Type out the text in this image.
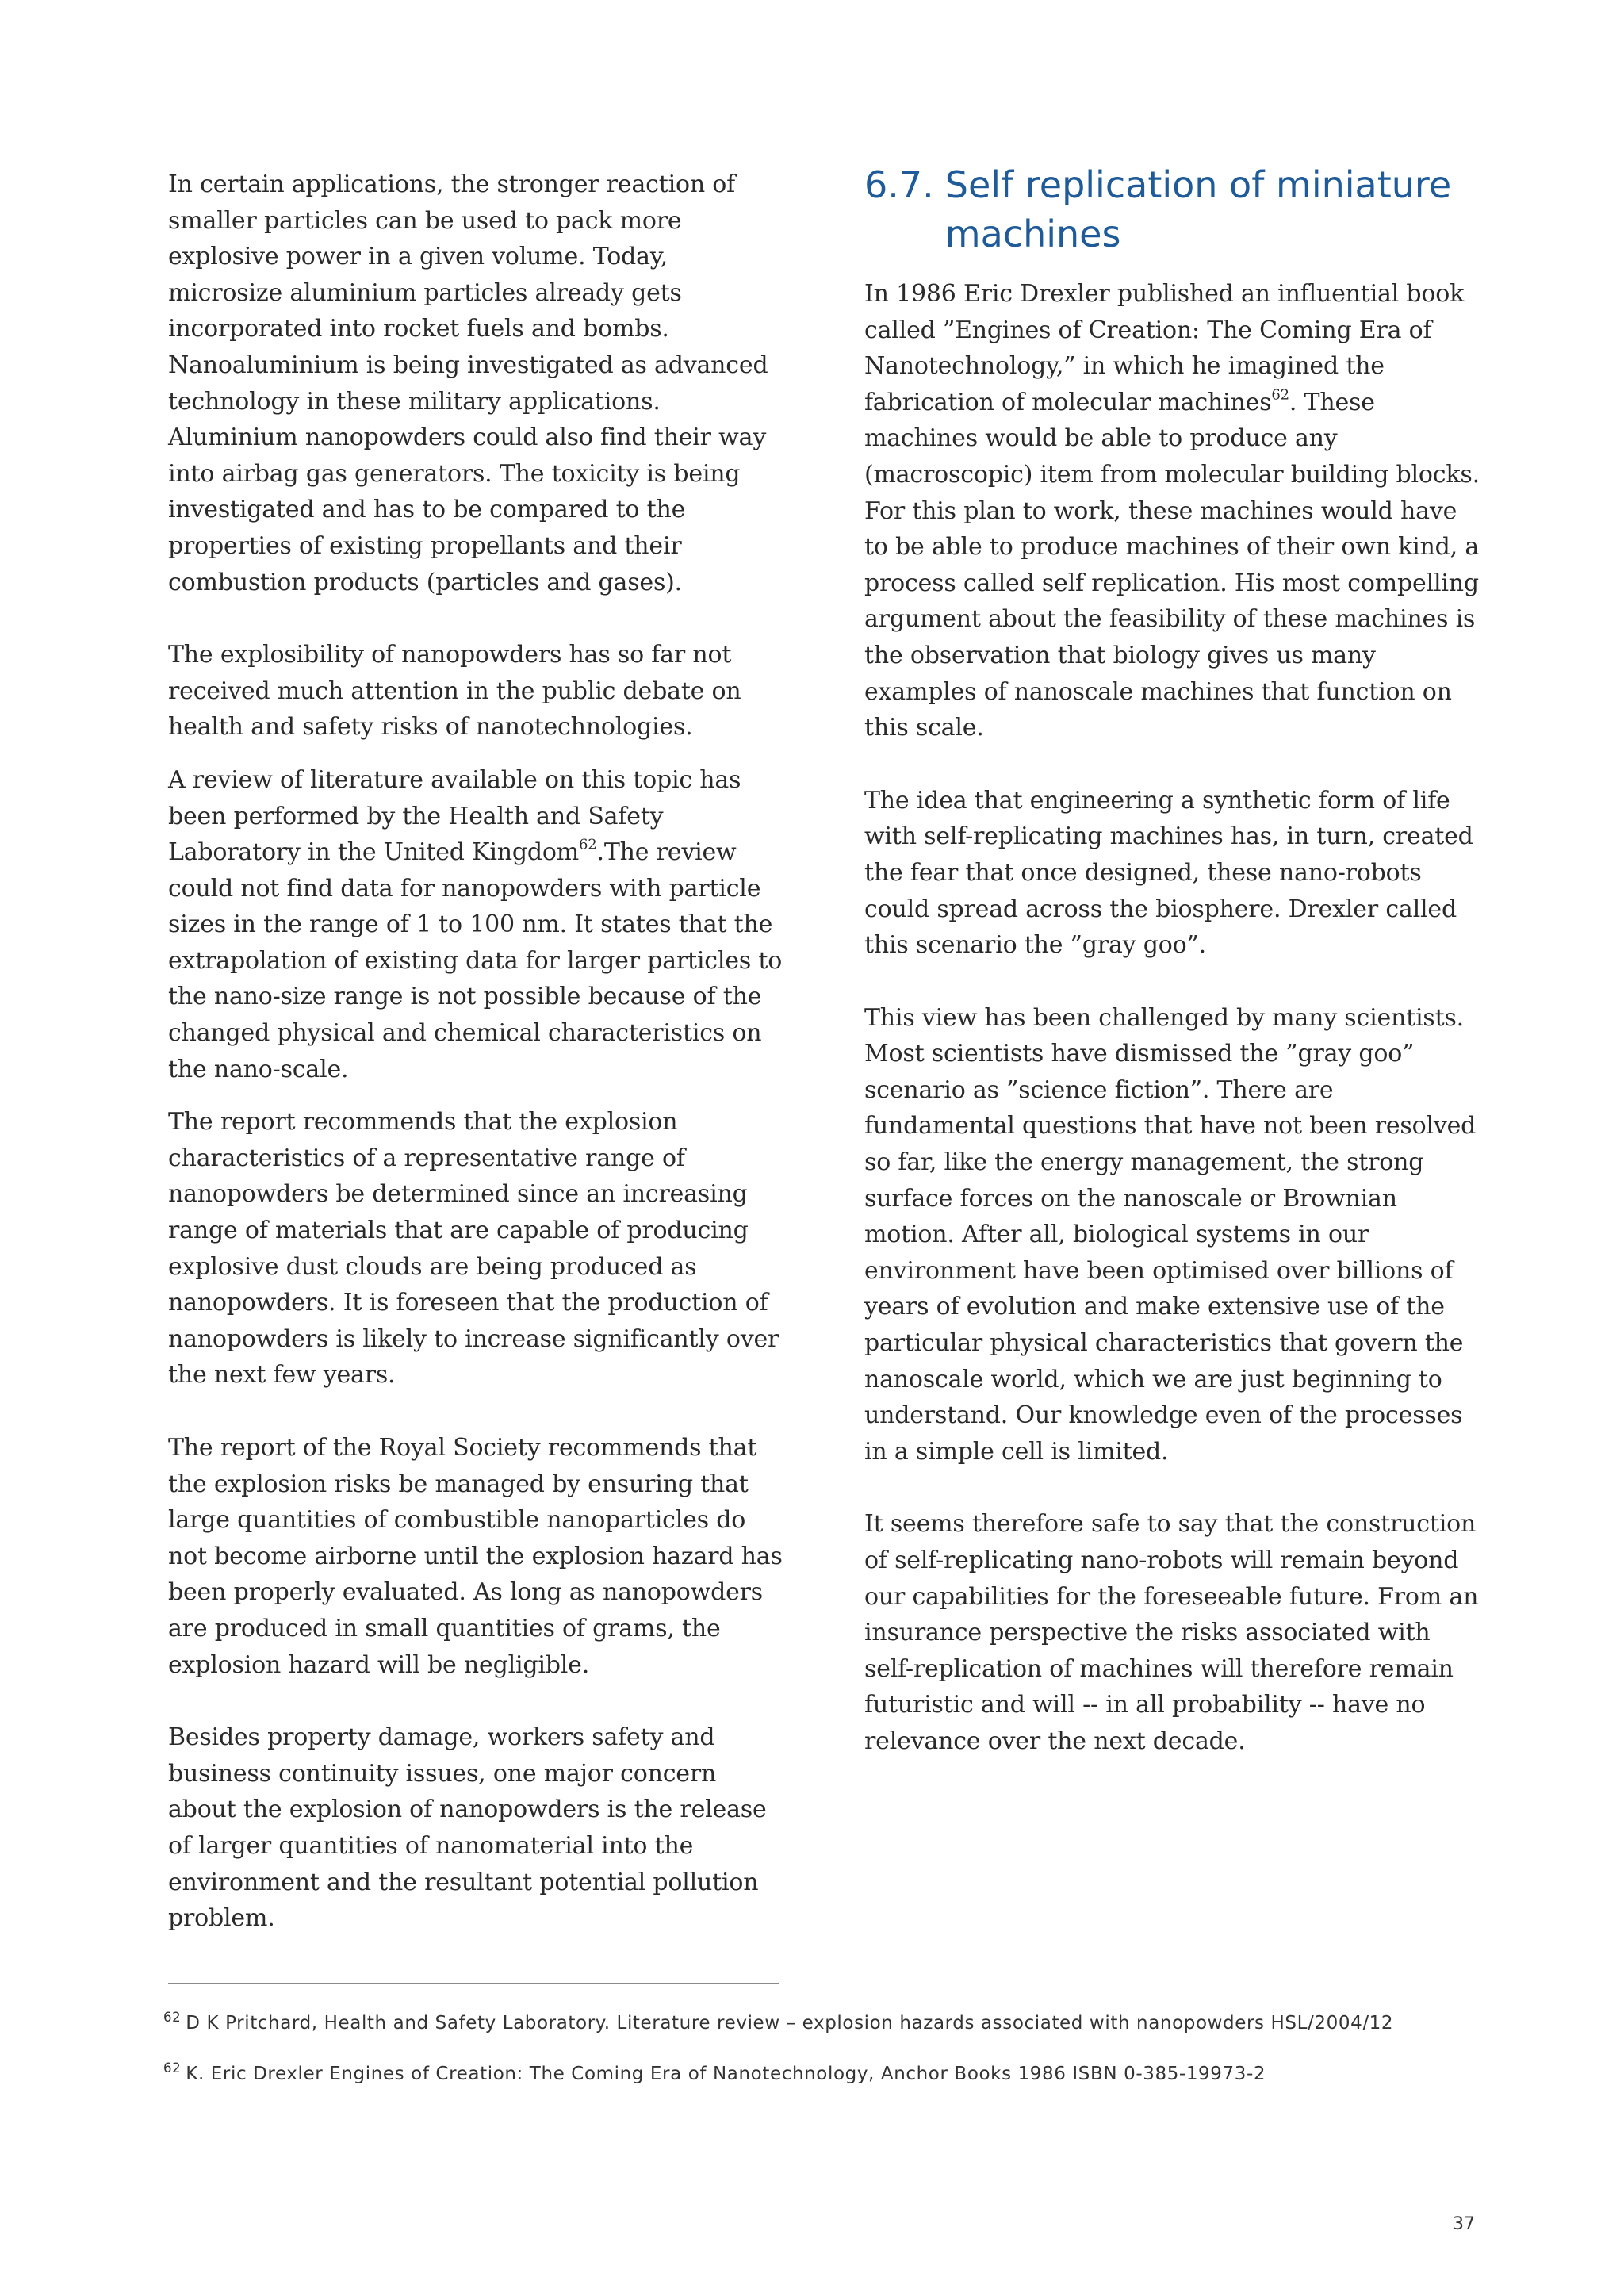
In certain applications, the stronger reaction of smaller particles can be used to pack more explosive power in a given volume. Today, microsize aluminium particles already gets incorporated into rocket fuels and bombs. Nanoaluminium is being investigated as advanced technology in these military applications. Aluminium nanopowders could also find their way into airbag gas generators. The toxicity is being investigated and has to be compared to the properties of existing propellants and their combustion products (particles and gases).

The explosibility of nanopowders has so far not received much attention in the public debate on health and safety risks of nanotechnologies.

A review of literature available on this topic has been performed by the Health and Safety Laboratory in the United Kingdom$^{62}$.The review could not find data for nanopowders with particle sizes in the range of 1 to 100 nm. It states that the extrapolation of existing data for larger particles to the nano-size range is not possible because of the changed physical and chemical characteristics on the nano-scale.

The report recommends that the explosion characteristics of a representative range of nanopowders be determined since an increasing range of materials that are capable of producing explosive dust clouds are being produced as nanopowders. It is foreseen that the production of nanopowders is likely to increase significantly over the next few years.

The report of the Royal Society recommends that the explosion risks be managed by ensuring that large quantities of combustible nanoparticles do not become airborne until the explosion hazard has been properly evaluated. As long as nanopowders are produced in small quantities of grams, the explosion hazard will be negligible.

Besides property damage, workers safety and business continuity issues, one major concern about the explosion of nanopowders is the release of larger quantities of nanomaterial into the environment and the resultant potential pollution problem.

6.7. Self replication of miniature machines

In 1986 Eric Drexler published an influential book called ”Engines of Creation: The Coming Era of Nanotechnology,” in which he imagined the fabrication of molecular machines$^{62}$. These machines would be able to produce any (macroscopic) item from molecular building blocks. For this plan to work, these machines would have to be able to produce machines of their own kind, a process called self replication. His most compelling argument about the feasibility of these machines is the observation that biology gives us many examples of nanoscale machines that function on this scale.

The idea that engineering a synthetic form of life with self-replicating machines has, in turn, created the fear that once designed, these nano-robots could spread across the biosphere. Drexler called this scenario the ”gray goo”.

This view has been challenged by many scientists. Most scientists have dismissed the ”gray goo” scenario as ”science fiction”. There are fundamental questions that have not been resolved so far, like the energy management, the strong surface forces on the nanoscale or Brownian motion. After all, biological systems in our environment have been optimised over billions of years of evolution and make extensive use of the particular physical characteristics that govern the nanoscale world, which we are just beginning to understand. Our knowledge even of the processes in a simple cell is limited.

It seems therefore safe to say that the construction of self-replicating nano-robots will remain beyond our capabilities for the foreseeable future. From an insurance perspective the risks associated with self-replication of machines will therefore remain futuristic and will -- in all probability -- have no relevance over the next decade.

$^{62}$ D K Pritchard, Health and Safety Laboratory. Literature review – explosion hazards associated with nanopowders HSL/2004/12

$^{62}$ K. Eric Drexler Engines of Creation: The Coming Era of Nanotechnology, Anchor Books 1986 ISBN 0-385-19973-2

37
